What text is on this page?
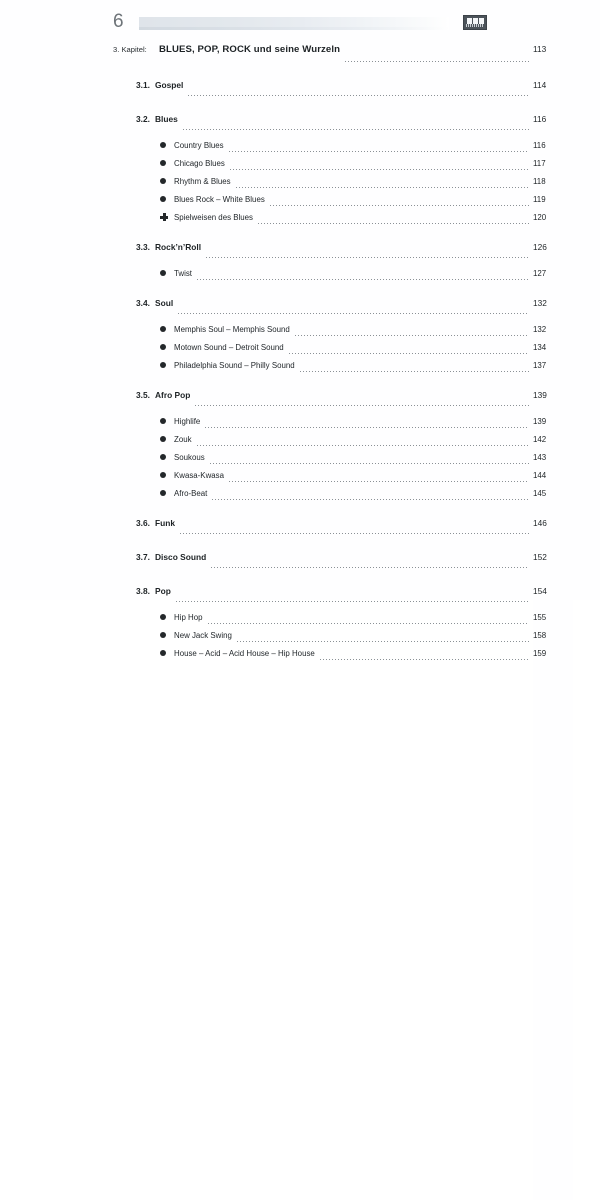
6
3. Kapitel:	BLUES, POP, ROCK und seine Wurzeln	113
3.1. Gospel	114
3.2. Blues	116
Country Blues	116
Chicago Blues	117
Rhythm & Blues	118
Blues Rock – White Blues	119
Spielweisen des Blues	120
3.3. Rock’n’Roll	126
Twist	127
3.4. Soul	132
Memphis Soul – Memphis Sound	132
Motown Sound – Detroit Sound	134
Philadelphia Sound – Philly Sound	137
3.5. Afro Pop	139
Highlife	139
Zouk	142
Soukous	143
Kwasa-Kwasa	144
Afro-Beat	145
3.6. Funk	146
3.7. Disco Sound	152
3.8. Pop	154
Hip Hop	155
New Jack Swing	158
House – Acid – Acid House – Hip House	159
